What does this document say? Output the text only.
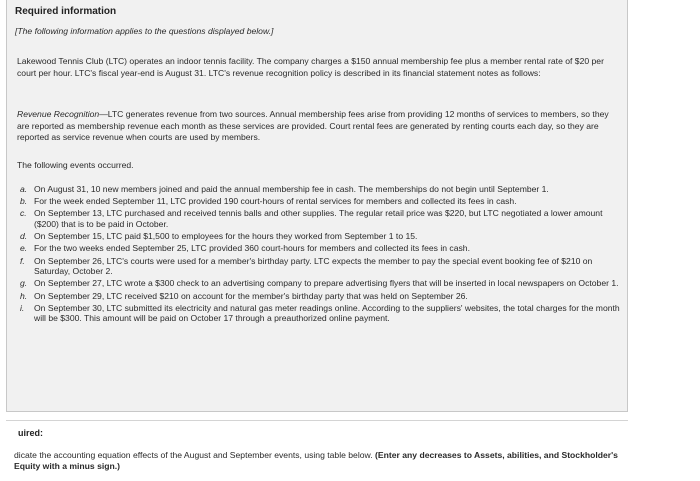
Required information
[The following information applies to the questions displayed below.]
Lakewood Tennis Club (LTC) operates an indoor tennis facility. The company charges a $150 annual membership fee plus a member rental rate of $20 per court per hour. LTC's fiscal year-end is August 31. LTC's revenue recognition policy is described in its financial statement notes as follows:
Revenue Recognition—LTC generates revenue from two sources. Annual membership fees arise from providing 12 months of services to members, so they are reported as membership revenue each month as these services are provided. Court rental fees are generated by renting courts each day, so they are reported as service revenue when courts are used by members.
The following events occurred.
a. On August 31, 10 new members joined and paid the annual membership fee in cash. The memberships do not begin until September 1.
b. For the week ended September 11, LTC provided 190 court-hours of rental services for members and collected its fees in cash.
c. On September 13, LTC purchased and received tennis balls and other supplies. The regular retail price was $220, but LTC negotiated a lower amount ($200) that is to be paid in October.
d. On September 15, LTC paid $1,500 to employees for the hours they worked from September 1 to 15.
e. For the two weeks ended September 25, LTC provided 360 court-hours for members and collected its fees in cash.
f. On September 26, LTC's courts were used for a member's birthday party. LTC expects the member to pay the special event booking fee of $210 on Saturday, October 2.
g. On September 27, LTC wrote a $300 check to an advertising company to prepare advertising flyers that will be inserted in local newspapers on October 1.
h. On September 29, LTC received $210 on account for the member's birthday party that was held on September 26.
i. On September 30, LTC submitted its electricity and natural gas meter readings online. According to the suppliers' websites, the total charges for the month will be $300. This amount will be paid on October 17 through a preauthorized online payment.
uired:
dicate the accounting equation effects of the August and September events, using table below. (Enter any decreases to Assets, abilities, and Stockholder's Equity with a minus sign.)
